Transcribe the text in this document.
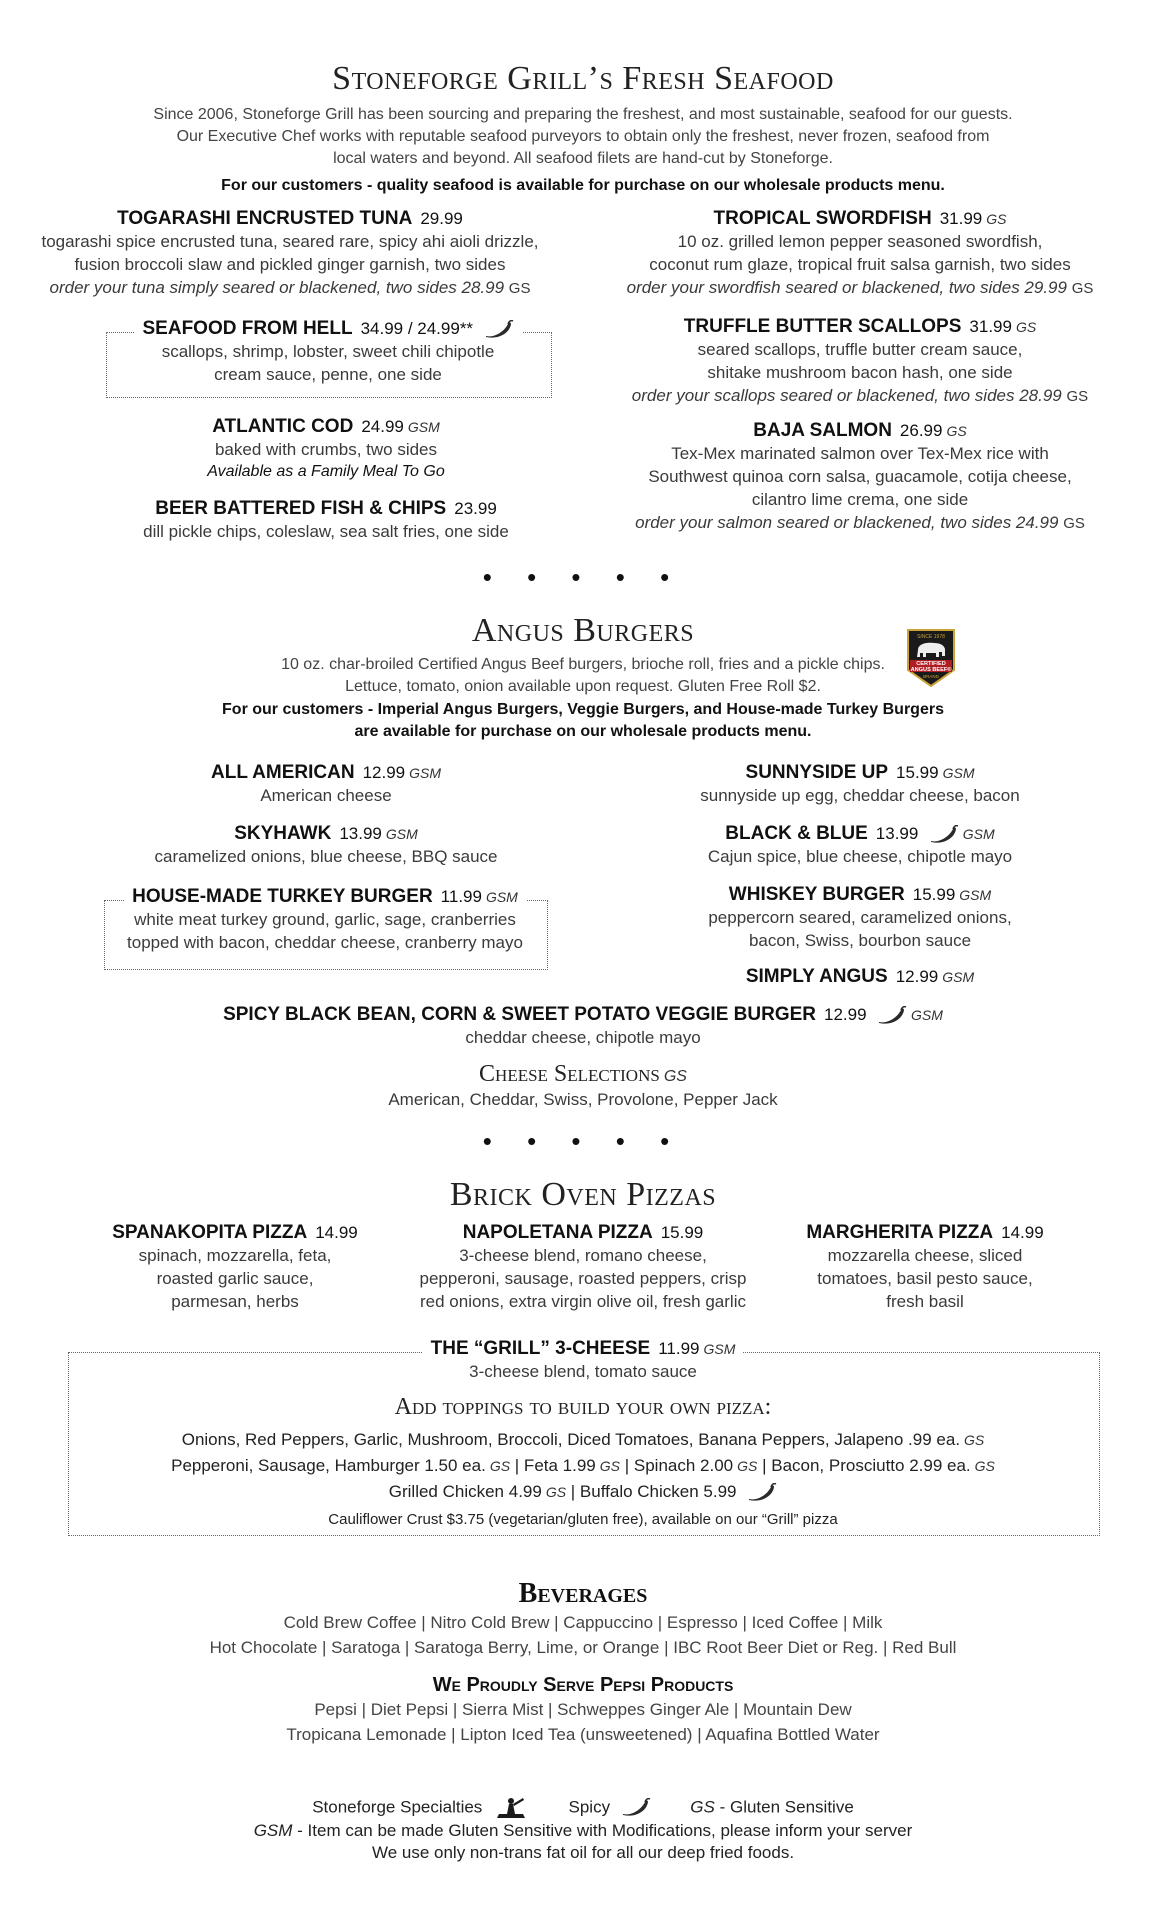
Stoneforge Grill’s Fresh Seafood
Since 2006, Stoneforge Grill has been sourcing and preparing the freshest, and most sustainable, seafood for our guests.
Our Executive Chef works with reputable seafood purveyors to obtain only the freshest, never frozen, seafood from
local waters and beyond. All seafood filets are hand-cut by Stoneforge.
For our customers - quality seafood is available for purchase on our wholesale products menu.
TOGARASHI ENCRUSTED TUNA 29.99
togarashi spice encrusted tuna, seared rare, spicy ahi aioli drizzle,
fusion broccoli slaw and pickled ginger garnish, two sides
order your tuna simply seared or blackened, two sides 28.99 GS
SEAFOOD FROM HELL 34.99 / 24.99**
scallops, shrimp, lobster, sweet chili chipotle
cream sauce, penne, one side
ATLANTIC COD 24.99 GSM
baked with crumbs, two sides
Available as a Family Meal To Go
BEER BATTERED FISH & CHIPS 23.99
dill pickle chips, coleslaw, sea salt fries, one side
TROPICAL SWORDFISH 31.99 GS
10 oz. grilled lemon pepper seasoned swordfish,
coconut rum glaze, tropical fruit salsa garnish, two sides
order your swordfish seared or blackened, two sides 29.99 GS
TRUFFLE BUTTER SCALLOPS 31.99 GS
seared scallops, truffle butter cream sauce,
shitake mushroom bacon hash, one side
order your scallops seared or blackened, two sides 28.99 GS
BAJA SALMON 26.99 GS
Tex-Mex marinated salmon over Tex-Mex rice with
Southwest quinoa corn salsa, guacamole, cotija cheese,
cilantro lime crema, one side
order your salmon seared or blackened, two sides 24.99 GS
• • • • •
Angus Burgers	SINCE 1978
CERTIFIED
ANGUS BEEF®
BRAND
10 oz. char-broiled Certified Angus Beef burgers, brioche roll, fries and a pickle chips.
Lettuce, tomato, onion available upon request. Gluten Free Roll $2.
For our customers - Imperial Angus Burgers, Veggie Burgers, and House-made Turkey Burgers
are available for purchase on our wholesale products menu.
ALL AMERICAN 12.99 GSM
American cheese
SKYHAWK 13.99 GSM
caramelized onions, blue cheese, BBQ sauce
HOUSE-MADE TURKEY BURGER 11.99 GSM
white meat turkey ground, garlic, sage, cranberries
topped with bacon, cheddar cheese, cranberry mayo
SUNNYSIDE UP 15.99 GSM
sunnyside up egg, cheddar cheese, bacon
BLACK & BLUE 13.99	GSM
Cajun spice, blue cheese, chipotle mayo
WHISKEY BURGER 15.99 GSM
peppercorn seared, caramelized onions,
bacon, Swiss, bourbon sauce
SIMPLY ANGUS 12.99 GSM
SPICY BLACK BEAN, CORN & SWEET POTATO VEGGIE BURGER 12.99	GSM
cheddar cheese, chipotle mayo
Cheese Selections GS
American, Cheddar, Swiss, Provolone, Pepper Jack
• • • • •
Brick Oven Pizzas
SPANAKOPITA PIZZA 14.99
spinach, mozzarella, feta,
roasted garlic sauce,
parmesan, herbs
NAPOLETANA PIZZA 15.99
3-cheese blend, romano cheese,
pepperoni, sausage, roasted peppers, crisp
red onions, extra virgin olive oil, fresh garlic
MARGHERITA PIZZA 14.99
mozzarella cheese, sliced
tomatoes, basil pesto sauce,
fresh basil
THE “GRILL” 3-CHEESE 11.99 GSM
3-cheese blend, tomato sauce
Add toppings to build your own pizza:
Onions, Red Peppers, Garlic, Mushroom, Broccoli, Diced Tomatoes, Banana Peppers, Jalapeno .99 ea. GS
Pepperoni, Sausage, Hamburger 1.50 ea. GS | Feta 1.99 GS | Spinach 2.00 GS | Bacon, Prosciutto 2.99 ea. GS
Grilled Chicken 4.99 GS | Buffalo Chicken 5.99
Cauliflower Crust $3.75 (vegetarian/gluten free), available on our “Grill” pizza
Beverages
Cold Brew Coffee | Nitro Cold Brew | Cappuccino | Espresso | Iced Coffee | Milk
Hot Chocolate | Saratoga | Saratoga Berry, Lime, or Orange | IBC Root Beer Diet or Reg. | Red Bull
We Proudly Serve Pepsi Products
Pepsi | Diet Pepsi | Sierra Mist | Schweppes Ginger Ale | Mountain Dew
Tropicana Lemonade | Lipton Iced Tea (unsweetened) | Aquafina Bottled Water
Stoneforge Specialties	Spicy	GS - Gluten Sensitive
GSM - Item can be made Gluten Sensitive with Modifications, please inform your server
We use only non-trans fat oil for all our deep fried foods.
